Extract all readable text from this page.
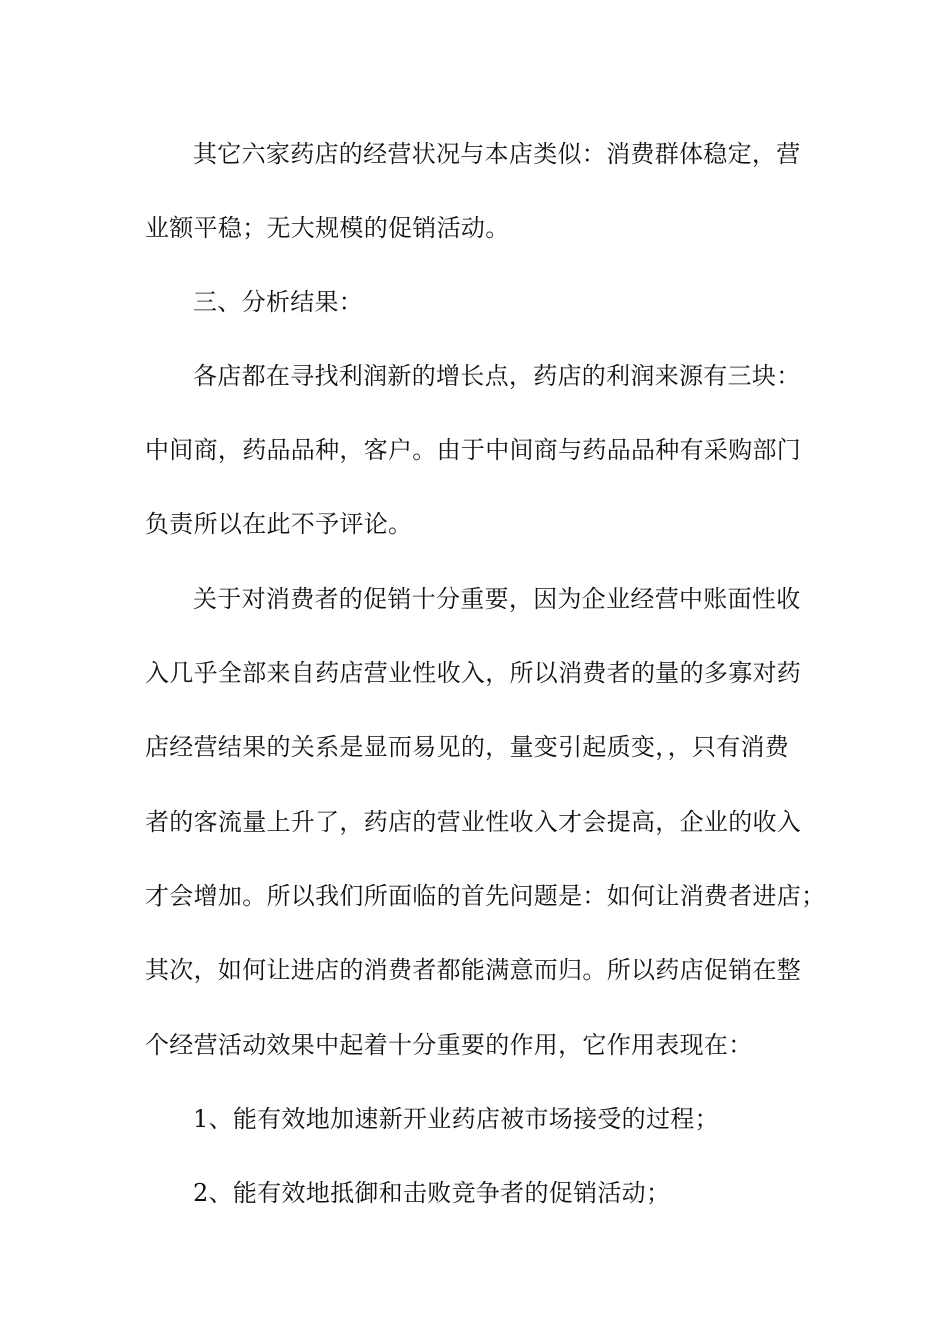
其它六家药店的经营状况与本店类似：消费群体稳定，营
业额平稳；无大规模的促销活动。
三、分析结果：
各店都在寻找利润新的增长点，药店的利润来源有三块：
中间商，药品品种，客户。由于中间商与药品品种有采购部门
负责所以在此不予评论。
关于对消费者的促销十分重要，因为企业经营中账面性收
入几乎全部来自药店营业性收入，所以消费者的量的多寡对药
店经营结果的关系是显而易见的，量变引起质变，，只有消费
者的客流量上升了，药店的营业性收入才会提高，企业的收入
才会增加。所以我们所面临的首先问题是：如何让消费者进店；
其次，如何让进店的消费者都能满意而归。所以药店促销在整
个经营活动效果中起着十分重要的作用，它作用表现在：
1、能有效地加速新开业药店被市场接受的过程；
2、能有效地抵御和击败竞争者的促销活动；
